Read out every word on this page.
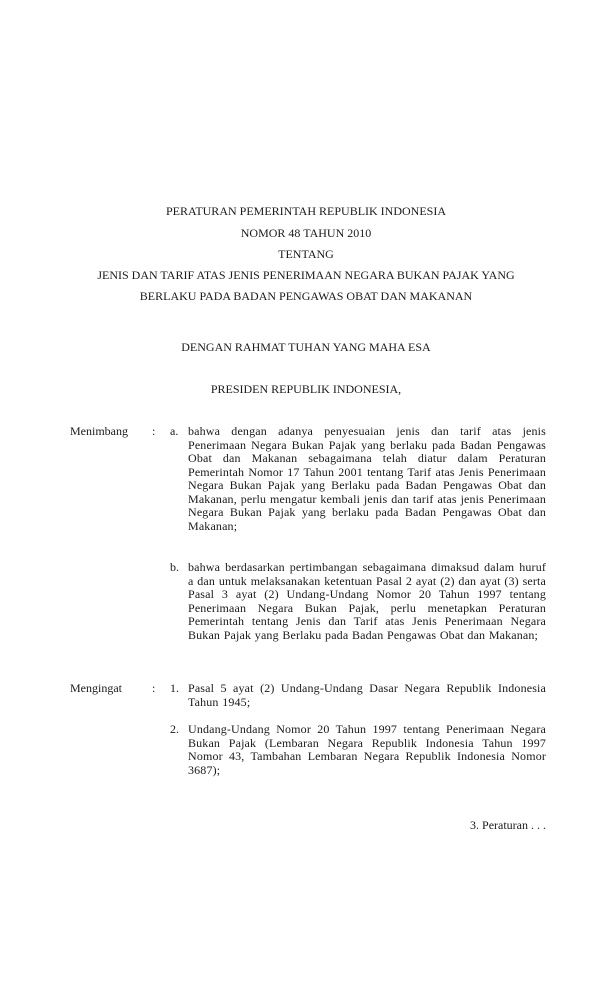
PERATURAN PEMERINTAH REPUBLIK INDONESIA
NOMOR 48 TAHUN 2010
TENTANG
JENIS DAN TARIF ATAS JENIS PENERIMAAN NEGARA BUKAN PAJAK YANG
BERLAKU PADA BADAN PENGAWAS OBAT DAN MAKANAN
DENGAN RAHMAT TUHAN YANG MAHA ESA
PRESIDEN REPUBLIK INDONESIA,
Menimbang : a. bahwa dengan adanya penyesuaian jenis dan tarif atas jenis Penerimaan Negara Bukan Pajak yang berlaku pada Badan Pengawas Obat dan Makanan sebagaimana telah diatur dalam Peraturan Pemerintah Nomor 17 Tahun 2001 tentang Tarif atas Jenis Penerimaan Negara Bukan Pajak yang Berlaku pada Badan Pengawas Obat dan Makanan, perlu mengatur kembali jenis dan tarif atas jenis Penerimaan Negara Bukan Pajak yang berlaku pada Badan Pengawas Obat dan Makanan;
b. bahwa berdasarkan pertimbangan sebagaimana dimaksud dalam huruf a dan untuk melaksanakan ketentuan Pasal 2 ayat (2) dan ayat (3) serta Pasal 3 ayat (2) Undang-Undang Nomor 20 Tahun 1997 tentang Penerimaan Negara Bukan Pajak, perlu menetapkan Peraturan Pemerintah tentang Jenis dan Tarif atas Jenis Penerimaan Negara Bukan Pajak yang Berlaku pada Badan Pengawas Obat dan Makanan;
Mengingat	: 1. Pasal 5 ayat (2) Undang-Undang Dasar Negara Republik Indonesia Tahun 1945;
2. Undang-Undang Nomor 20 Tahun 1997 tentang Penerimaan Negara Bukan Pajak (Lembaran Negara Republik Indonesia Tahun 1997 Nomor 43, Tambahan Lembaran Negara Republik Indonesia Nomor 3687);
3. Peraturan . . .
